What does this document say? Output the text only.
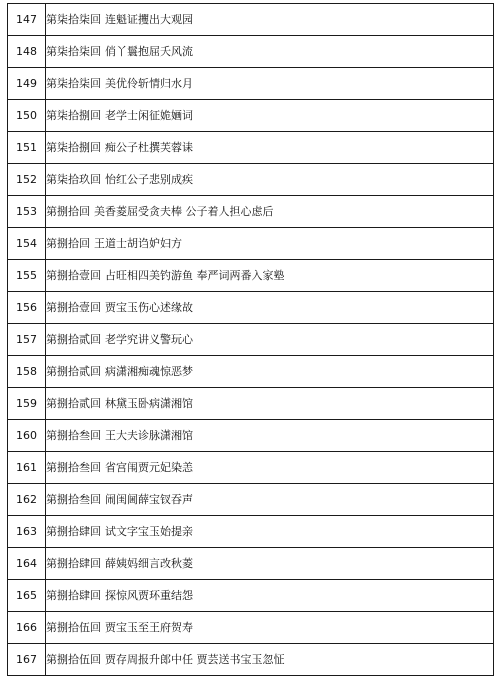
147	第柒拾柒回 连魁证攫出大观园
148	第柒拾柒回 俏丫鬟抱屈夭风流
149	第柒拾柒回 美优伶斩情归水月
150	第柒拾捌回 老学士闲征姽婳词
151	第柒拾捌回 痴公子杜撰芙蓉诔
152	第柒拾玖回 怡红公子悲别成疾
153	第捌拾回 美香菱屈受贪夫棒 公子着人担心虑后
154	第捌拾回 王道士胡诌妒妇方
155	第捌拾壹回 占旺相四美钓游鱼 奉严词两番入家塾
156	第捌拾壹回 贾宝玉伤心述缘故
157	第捌拾贰回 老学究讲义警玩心
158	第捌拾贰回 病潇湘痴魂惊恶梦
159	第捌拾贰回 林黛玉卧病潇湘馆
160	第捌拾叁回 王大夫诊脉潇湘馆
161	第捌拾叁回 省宫闱贾元妃染恙
162	第捌拾叁回 闹闺阃薛宝钗吞声
163	第捌拾肆回 试文字宝玉始提亲
164	第捌拾肆回 薛姨妈细言改秋菱
165	第捌拾肆回 探惊风贾环重结怨
166	第捌拾伍回 贾宝玉至王府贺寿
167	第捌拾伍回 贾存周报升郎中任 贾芸送书宝玉忽怔
